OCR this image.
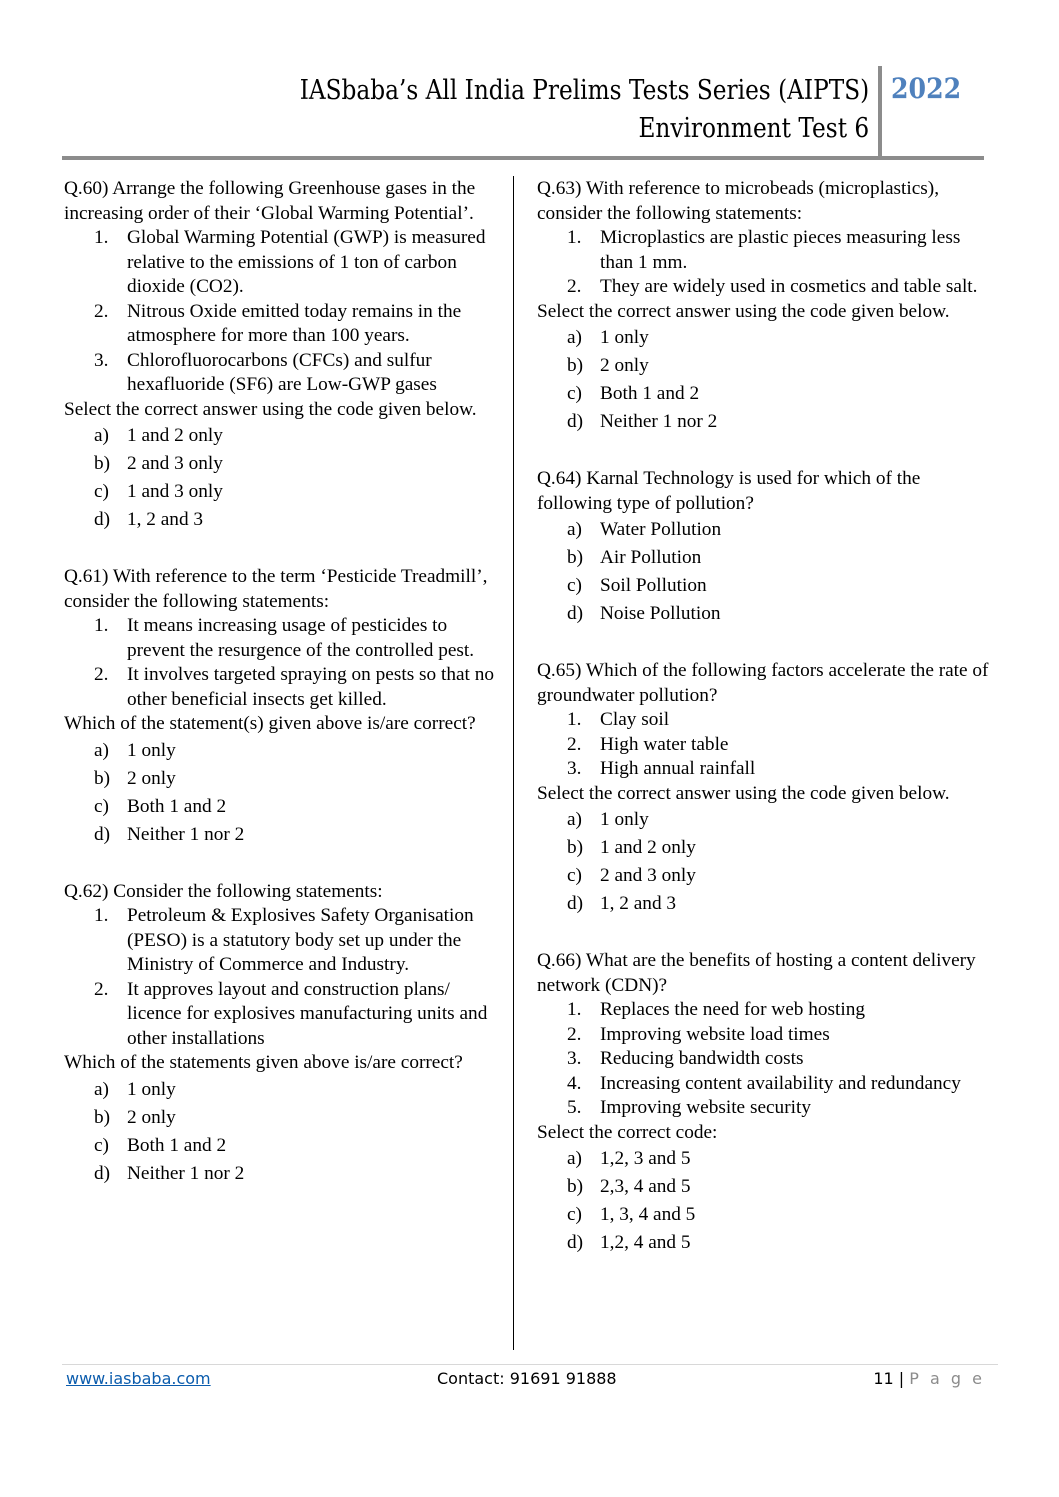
IASbaba’s All India Prelims Tests Series (AIPTS)
Environment Test 6
2022
Q.60) Arrange the following Greenhouse gases in the increasing order of their ‘Global Warming Potential’.
1. Global Warming Potential (GWP) is measured relative to the emissions of 1 ton of carbon dioxide (CO2).
2. Nitrous Oxide emitted today remains in the atmosphere for more than 100 years.
3. Chlorofluorocarbons (CFCs) and sulfur hexafluoride (SF6) are Low-GWP gases
Select the correct answer using the code given below.
a) 1 and 2 only
b) 2 and 3 only
c) 1 and 3 only
d) 1, 2 and 3
Q.61) With reference to the term ‘Pesticide Treadmill’, consider the following statements:
1. It means increasing usage of pesticides to prevent the resurgence of the controlled pest.
2. It involves targeted spraying on pests so that no other beneficial insects get killed.
Which of the statement(s) given above is/are correct?
a) 1 only
b) 2 only
c) Both 1 and 2
d) Neither 1 nor 2
Q.62) Consider the following statements:
1. Petroleum & Explosives Safety Organisation (PESO) is a statutory body set up under the Ministry of Commerce and Industry.
2. It approves layout and construction plans/ licence for explosives manufacturing units and other installations
Which of the statements given above is/are correct?
a) 1 only
b) 2 only
c) Both 1 and 2
d) Neither 1 nor 2
Q.63) With reference to microbeads (microplastics), consider the following statements:
1. Microplastics are plastic pieces measuring less than 1 mm.
2. They are widely used in cosmetics and table salt.
Select the correct answer using the code given below.
a) 1 only
b) 2 only
c) Both 1 and 2
d) Neither 1 nor 2
Q.64) Karnal Technology is used for which of the following type of pollution?
a) Water Pollution
b) Air Pollution
c) Soil Pollution
d) Noise Pollution
Q.65) Which of the following factors accelerate the rate of groundwater pollution?
1. Clay soil
2. High water table
3. High annual rainfall
Select the correct answer using the code given below.
a) 1 only
b) 1 and 2 only
c) 2 and 3 only
d) 1, 2 and 3
Q.66) What are the benefits of hosting a content delivery network (CDN)?
1. Replaces the need for web hosting
2. Improving website load times
3. Reducing bandwidth costs
4. Increasing content availability and redundancy
5. Improving website security
Select the correct code:
a) 1,2, 3 and 5
b) 2,3, 4 and 5
c) 1, 3, 4 and 5
d) 1,2, 4 and 5
www.iasbaba.com	Contact: 91691 91888	11 | P a g e
